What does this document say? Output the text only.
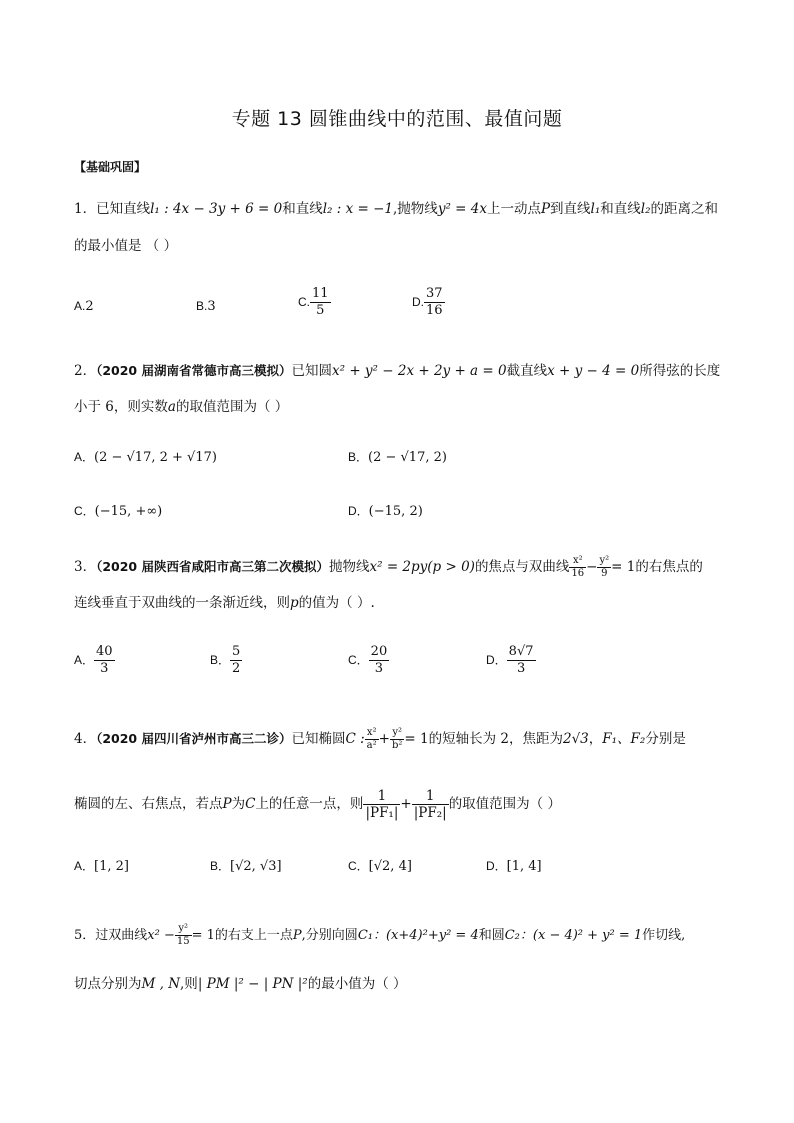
专题 13 圆锥曲线中的范围、最值问题
【基础巩固】
1．已知直线l₁ : 4x − 3y + 6 = 0和直线l₂ : x = −1,抛物线y² = 4x上一动点P到直线l₁和直线l₂的距离之和
的最小值是 （ ）
A.2	B.3	C. $\frac{11}{5}$	D. $\frac{37}{16}$
2．（2020 届湖南省常德市高三模拟）已知圆x² + y² − 2x + 2y + a = 0截直线x + y − 4 = 0所得弦的长度
小于 6，则实数a的取值范围为（ ）
A．(2 − √17, 2 + √17)	B．(2 − √17, 2)
C．(−15, +∞)	D．(−15, 2)
3．（2020 届陕西省咸阳市高三第二次模拟）抛物线x² = 2py(p > 0)的焦点与双曲线 $\frac{\text{x²}}{16} - \frac{\text{y²}}{9} = 1$的右焦点的
连线垂直于双曲线的一条渐近线，则p的值为（ ）.
A． $\frac{40}{3}$	B． $\frac{5}{2}$	C． $\frac{20}{3}$	D． $\frac{8√7}{3}$
4．（2020 届四川省泸州市高三二诊）已知椭圆C : $\frac{\text{x²}}{\text{a²}} + \frac{\text{y²}}{\text{b²}} = 1$的短轴长为 2，焦距为2√3，F₁、F₂分别是
椭圆的左、右焦点，若点P为C上的任意一点，则 $\frac{1}{\text{|PF₁|}} + \frac{1}{\text{|PF₂|}}$ 的取值范围为（ ）
A．[1, 2]	B．[√2, √3]	C．[√2, 4]	D．[1, 4]
5．过双曲线$x^2 - \frac{\text{y²}}{15} = 1$的右支上一点P,分别向圆C₁：(x+4)²+y² = 4和圆C₂：(x − 4)² + y² = 1作切线,
切点分别为M , N,则| PM |² − | PN |²的最小值为（ ）
